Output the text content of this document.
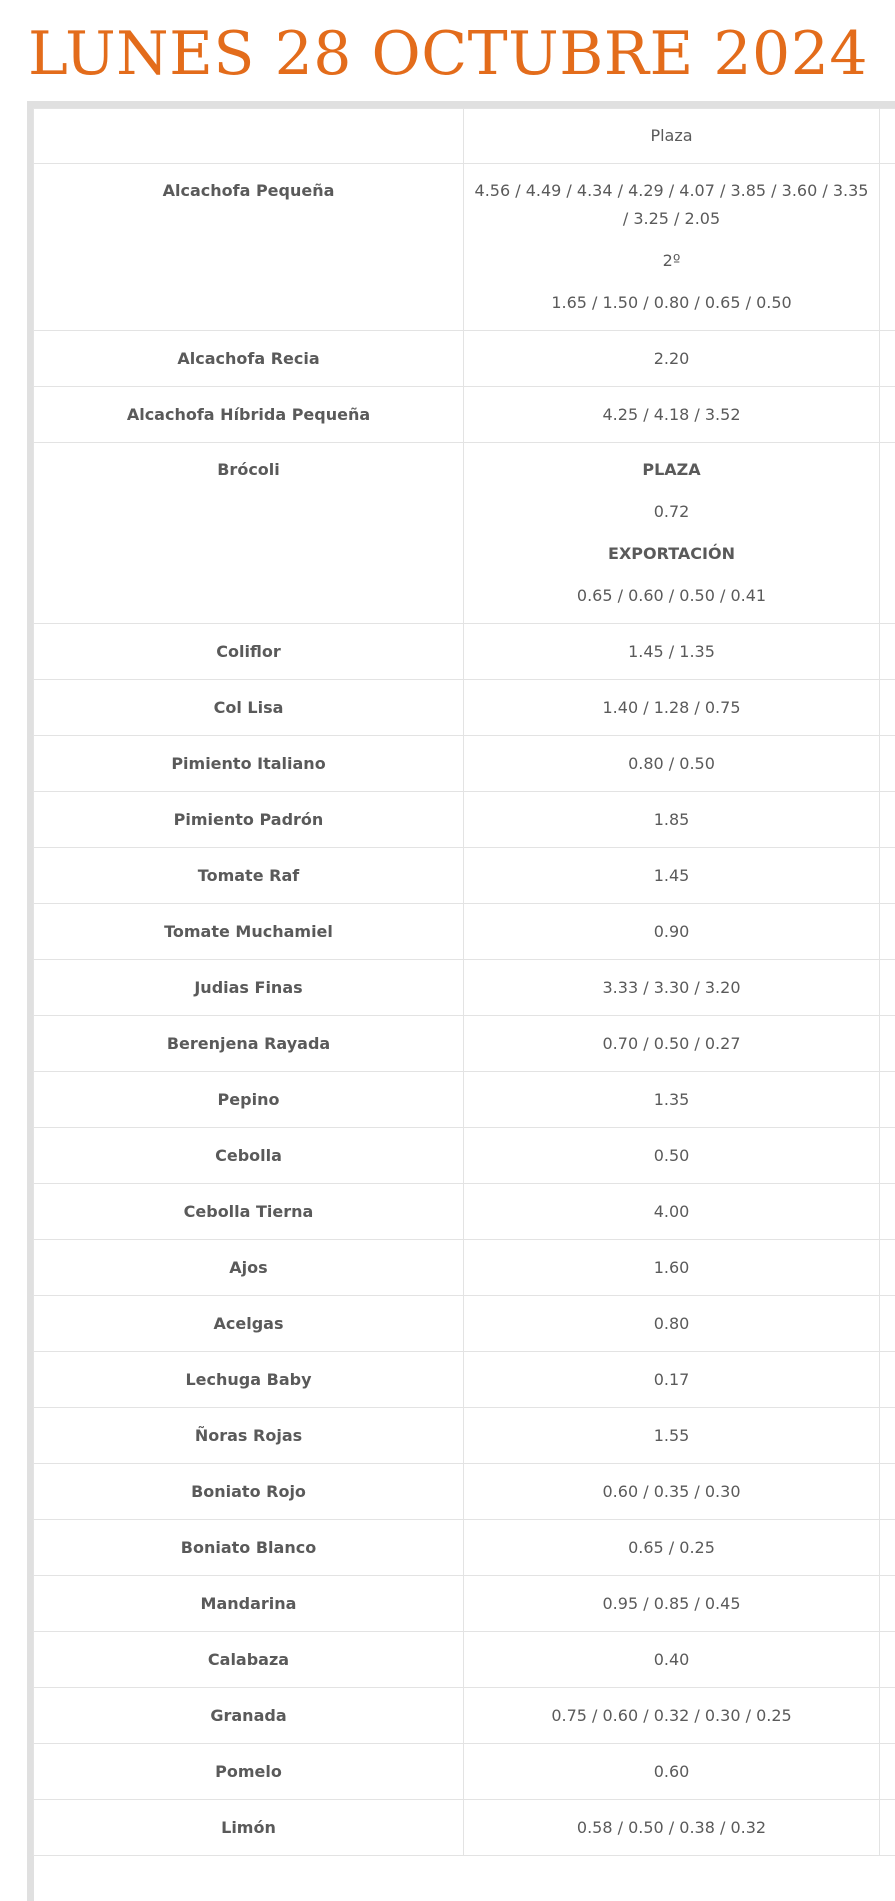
LUNES 28 OCTUBRE 2024
	Plaza	
Alcachofa Pequeña	4.56 / 4.49 / 4.34 / 4.29 / 4.07 / 3.85 / 3.60 / 3.35
/ 3.25 / 2.05
2º
1.65 / 1.50 / 0.80 / 0.65 / 0.50	

Alcachofa Recia	2.20	
Alcachofa Híbrida Pequeña	4.25 / 4.18 / 3.52	
Brócoli	PLAZA
0.72
EXPORTACIÓN
0.65 / 0.60 / 0.50 / 0.41	

Coliflor	1.45 / 1.35	
Col Lisa	1.40 / 1.28 / 0.75	
Pimiento Italiano	0.80 / 0.50	
Pimiento Padrón	1.85	
Tomate Raf	1.45	
Tomate Muchamiel	0.90	
Judias Finas	3.33 / 3.30 / 3.20	
Berenjena Rayada	0.70 / 0.50 / 0.27	
Pepino	1.35	
Cebolla	0.50	
Cebolla Tierna	4.00	
Ajos	1.60	
Acelgas	0.80	
Lechuga Baby	0.17	
Ñoras Rojas	1.55	
Boniato Rojo	0.60 / 0.35 / 0.30	
Boniato Blanco	0.65 / 0.25	
Mandarina	0.95 / 0.85 / 0.45	
Calabaza	0.40	
Granada	0.75 / 0.60 / 0.32 / 0.30 / 0.25	
Pomelo	0.60	
Limón	0.58 / 0.50 / 0.38 / 0.32	
